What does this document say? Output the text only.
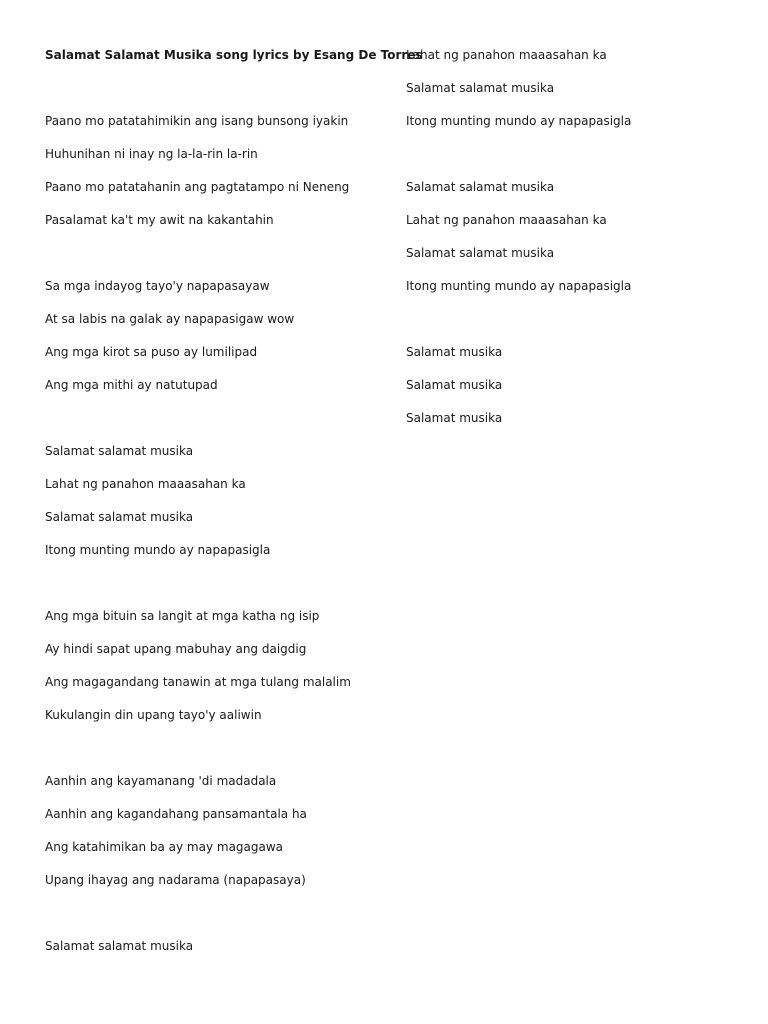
Salamat Salamat Musika song lyrics by Esang De Torres
Paano mo patatahimikin ang isang bunsong iyakin
Huhunihan ni inay ng la-la-rin la-rin
Paano mo patatahanin ang pagtatampo ni Neneng
Pasalamat ka't my awit na kakantahin
Sa mga indayog tayo'y napapasayaw
At sa labis na galak ay napapasigaw wow
Ang mga kirot sa puso ay lumilipad
Ang mga mithi ay natutupad
Salamat salamat musika
Lahat ng panahon maaasahan ka
Salamat salamat musika
Itong munting mundo ay napapasigla
Ang mga bituin sa langit at mga katha ng isip
Ay hindi sapat upang mabuhay ang daigdig
Ang magagandang tanawin at mga tulang malalim
Kukulangin din upang tayo'y aaliwin
Aanhin ang kayamanang 'di madadala
Aanhin ang kagandahang pansamantala ha
Ang katahimikan ba ay may magagawa
Upang ihayag ang nadarama (napapasaya)
Salamat salamat musika
Lahat ng panahon maaasahan ka
Salamat salamat musika
Itong munting mundo ay napapasigla
Salamat salamat musika
Lahat ng panahon maaasahan ka
Salamat salamat musika
Itong munting mundo ay napapasigla
Salamat musika
Salamat musika
Salamat musika
